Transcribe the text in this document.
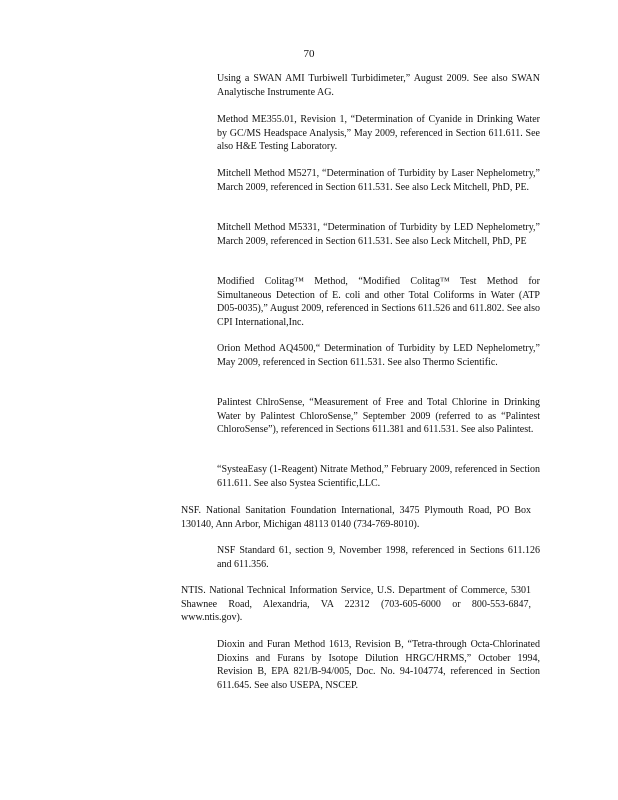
70

Using a SWAN AMI Turbiwell Turbidimeter,” August 2009. See also SWAN Analytische Instrumente AG.

Method ME355.01, Revision 1, “Determination of Cyanide in Drinking Water by GC/MS Headspace Analysis,” May 2009, referenced in Section 611.611. See also H&E Testing Laboratory.

Mitchell Method M5271, “Determination of Turbidity by Laser Nephelometry,” March 2009, referenced in Section 611.531. See also Leck Mitchell, PhD, PE.

Mitchell Method M5331, “Determination of Turbidity by LED Nephelometry,” March 2009, referenced in Section 611.531. See also Leck Mitchell, PhD, PE

Modified Colitag™ Method, “Modified Colitag™ Test Method for Simultaneous Detection of E. coli and other Total Coliforms in Water (ATP D05-0035),” August 2009, referenced in Sections 611.526 and 611.802. See also CPI International,Inc.

Orion Method AQ4500,“ Determination of Turbidity by LED Nephelometry,” May 2009, referenced in Section 611.531. See also Thermo Scientific.

Palintest ChlroSense, “Measurement of Free and Total Chlorine in Drinking Water by Palintest ChloroSense,” September 2009 (referred to as “Palintest ChloroSense”), referenced in Sections 611.381 and 611.531. See also Palintest.

“SysteaEasy (1-Reagent) Nitrate Method,” February 2009, referenced in Section 611.611. See also Systea Scientific,LLC.

NSF. National Sanitation Foundation International, 3475 Plymouth Road, PO Box 130140, Ann Arbor, Michigan 48113 0140 (734-769-8010).

NSF Standard 61, section 9, November 1998, referenced in Sections 611.126 and 611.356.

NTIS. National Technical Information Service, U.S. Department of Commerce, 5301 Shawnee Road, Alexandria, VA 22312 (703-605-6000 or 800-553-6847, www.ntis.gov).

Dioxin and Furan Method 1613, Revision B, “Tetra-through Octa-Chlorinated Dioxins and Furans by Isotope Dilution HRGC/HRMS,” October 1994, Revision B, EPA 821/B-94/005, Doc. No. 94-104774, referenced in Section 611.645. See also USEPA, NSCEP.
